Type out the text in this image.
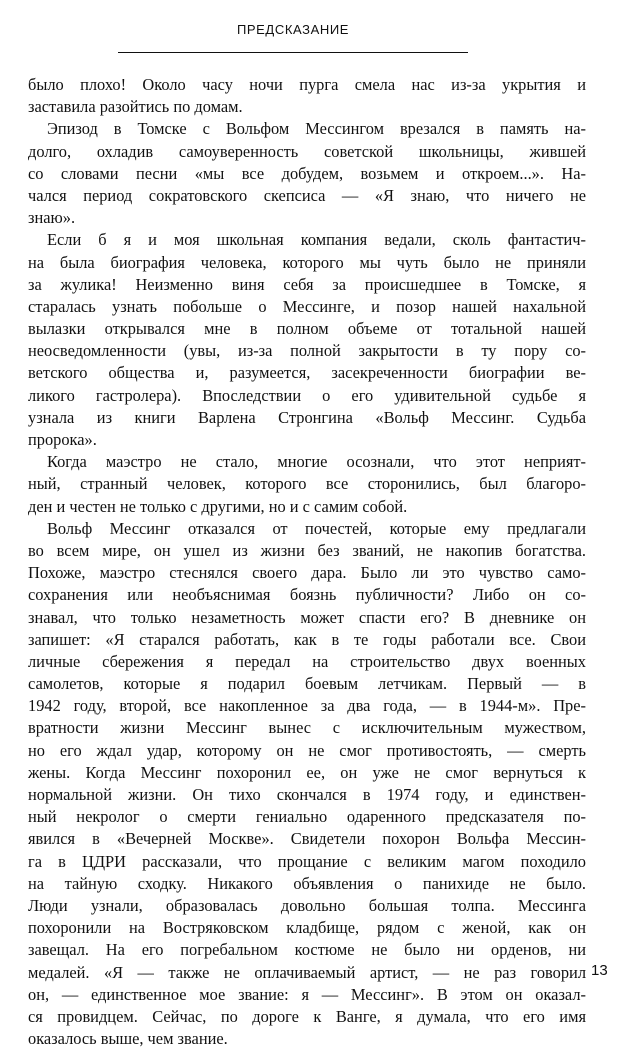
ПРЕДСКАЗАНИЕ
было плохо! Около часу ночи пурга смела нас из-за укрытия и
заставила разойтись по домам.
Эпизод в Томске с Вольфом Мессингом врезался в память на-
долго, охладив самоуверенность советской школьницы, жившей
со словами песни «мы все добудем, возьмем и откроем...». На-
чался период сократовского скепсиса — «Я знаю, что ничего не
знаю».
Если б я и моя школьная компания ведали, сколь фантастич-
на была биография человека, которого мы чуть было не приняли
за жулика! Неизменно виня себя за происшедшее в Томске, я
старалась узнать побольше о Мессинге, и позор нашей нахальной
вылазки открывался мне в полном объеме от тотальной нашей
неосведомленности (увы, из-за полной закрытости в ту пору со-
ветского общества и, разумеется, засекреченности биографии ве-
ликого гастролера). Впоследствии о его удивительной судьбе я
узнала из книги Варлена Стронгина «Вольф Мессинг. Судьба
пророка».
Когда маэстро не стало, многие осознали, что этот неприят-
ный, странный человек, которого все сторонились, был благоро-
ден и честен не только с другими, но и с самим собой.
Вольф Мессинг отказался от почестей, которые ему предлагали
во всем мире, он ушел из жизни без званий, не накопив богатства.
Похоже, маэстро стеснялся своего дара. Было ли это чувство само-
сохранения или необъяснимая боязнь публичности? Либо он со-
знавал, что только незаметность может спасти его? В дневнике он
запишет: «Я старался работать, как в те годы работали все. Свои
личные сбережения я передал на строительство двух военных
самолетов, которые я подарил боевым летчикам. Первый — в
1942 году, второй, все накопленное за два года, — в 1944-м». Пре-
вратности жизни Мессинг вынес с исключительным мужеством,
но его ждал удар, которому он не смог противостоять, — смерть
жены. Когда Мессинг похоронил ее, он уже не смог вернуться к
нормальной жизни. Он тихо скончался в 1974 году, и единствен-
ный некролог о смерти гениально одаренного предсказателя по-
явился в «Вечерней Москве». Свидетели похорон Вольфа Мессин-
га в ЦДРИ рассказали, что прощание с великим магом походило
на тайную сходку. Никакого объявления о панихиде не было.
Люди узнали, образовалась довольно большая толпа. Мессинга
похоронили на Востряковском кладбище, рядом с женой, как он
завещал. На его погребальном костюме не было ни орденов, ни
медалей. «Я — также не оплачиваемый артист, — не раз говорил
он, — единственное мое звание: я — Мессинг». В этом он оказал-
ся провидцем. Сейчас, по дороге к Ванге, я думала, что его имя
оказалось выше, чем звание.
13
